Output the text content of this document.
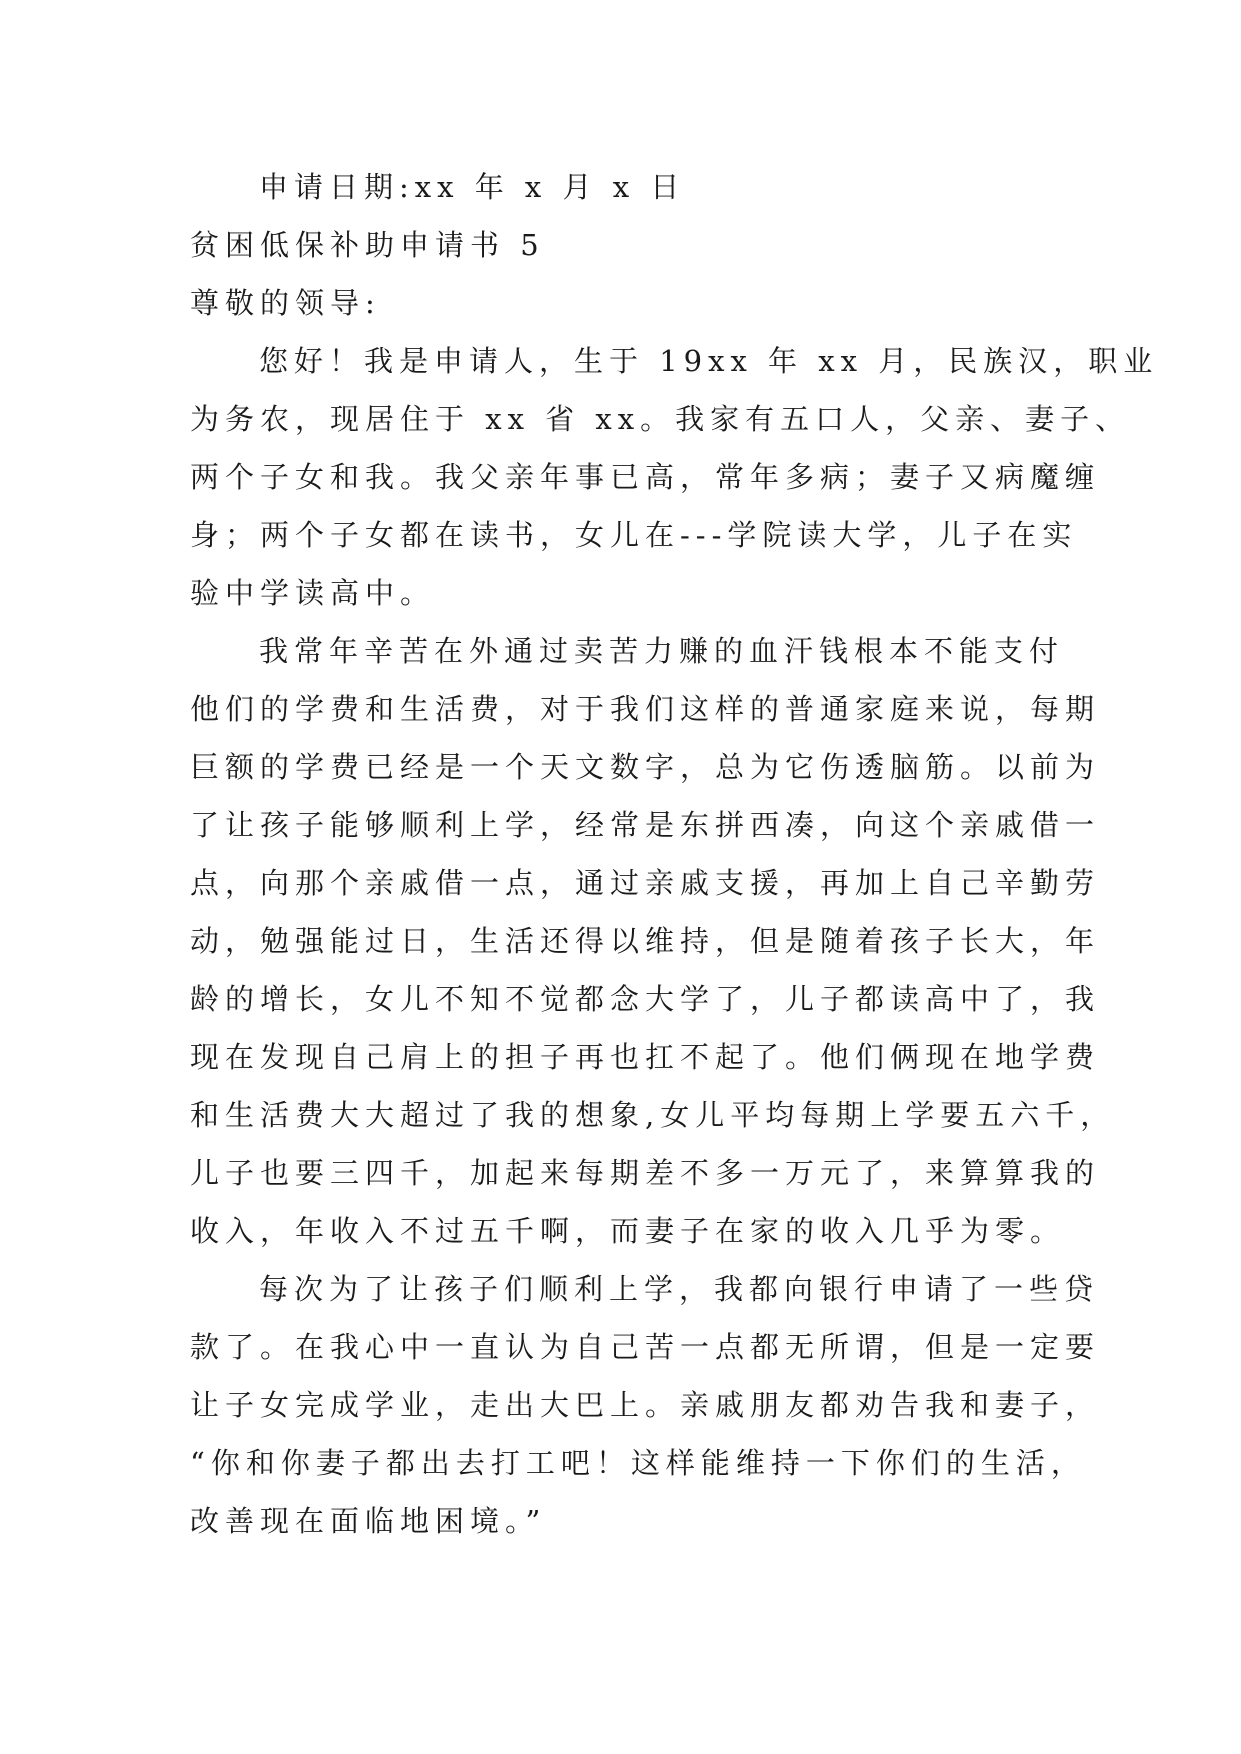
申请日期:xx 年 x 月 x 日
贫困低保补助申请书 5
尊敬的领导:
您好！我是申请人，生于 19xx 年 xx 月，民族汉，职业
为务农，现居住于 xx 省 xx。我家有五口人，父亲、妻子、
两个子女和我。我父亲年事已高，常年多病；妻子又病魔缠
身；两个子女都在读书，女儿在---学院读大学，儿子在实
验中学读高中。
我常年辛苦在外通过卖苦力赚的血汗钱根本不能支付
他们的学费和生活费，对于我们这样的普通家庭来说，每期
巨额的学费已经是一个天文数字，总为它伤透脑筋。以前为
了让孩子能够顺利上学，经常是东拼西凑，向这个亲戚借一
点，向那个亲戚借一点，通过亲戚支援，再加上自己辛勤劳
动，勉强能过日，生活还得以维持，但是随着孩子长大，年
龄的增长，女儿不知不觉都念大学了，儿子都读高中了，我
现在发现自己肩上的担子再也扛不起了。他们俩现在地学费
和生活费大大超过了我的想象,女儿平均每期上学要五六千，
儿子也要三四千，加起来每期差不多一万元了，来算算我的
收入，年收入不过五千啊，而妻子在家的收入几乎为零。
每次为了让孩子们顺利上学，我都向银行申请了一些贷
款了。在我心中一直认为自己苦一点都无所谓，但是一定要
让子女完成学业，走出大巴上。亲戚朋友都劝告我和妻子，
“你和你妻子都出去打工吧！这样能维持一下你们的生活，
改善现在面临地困境。”
